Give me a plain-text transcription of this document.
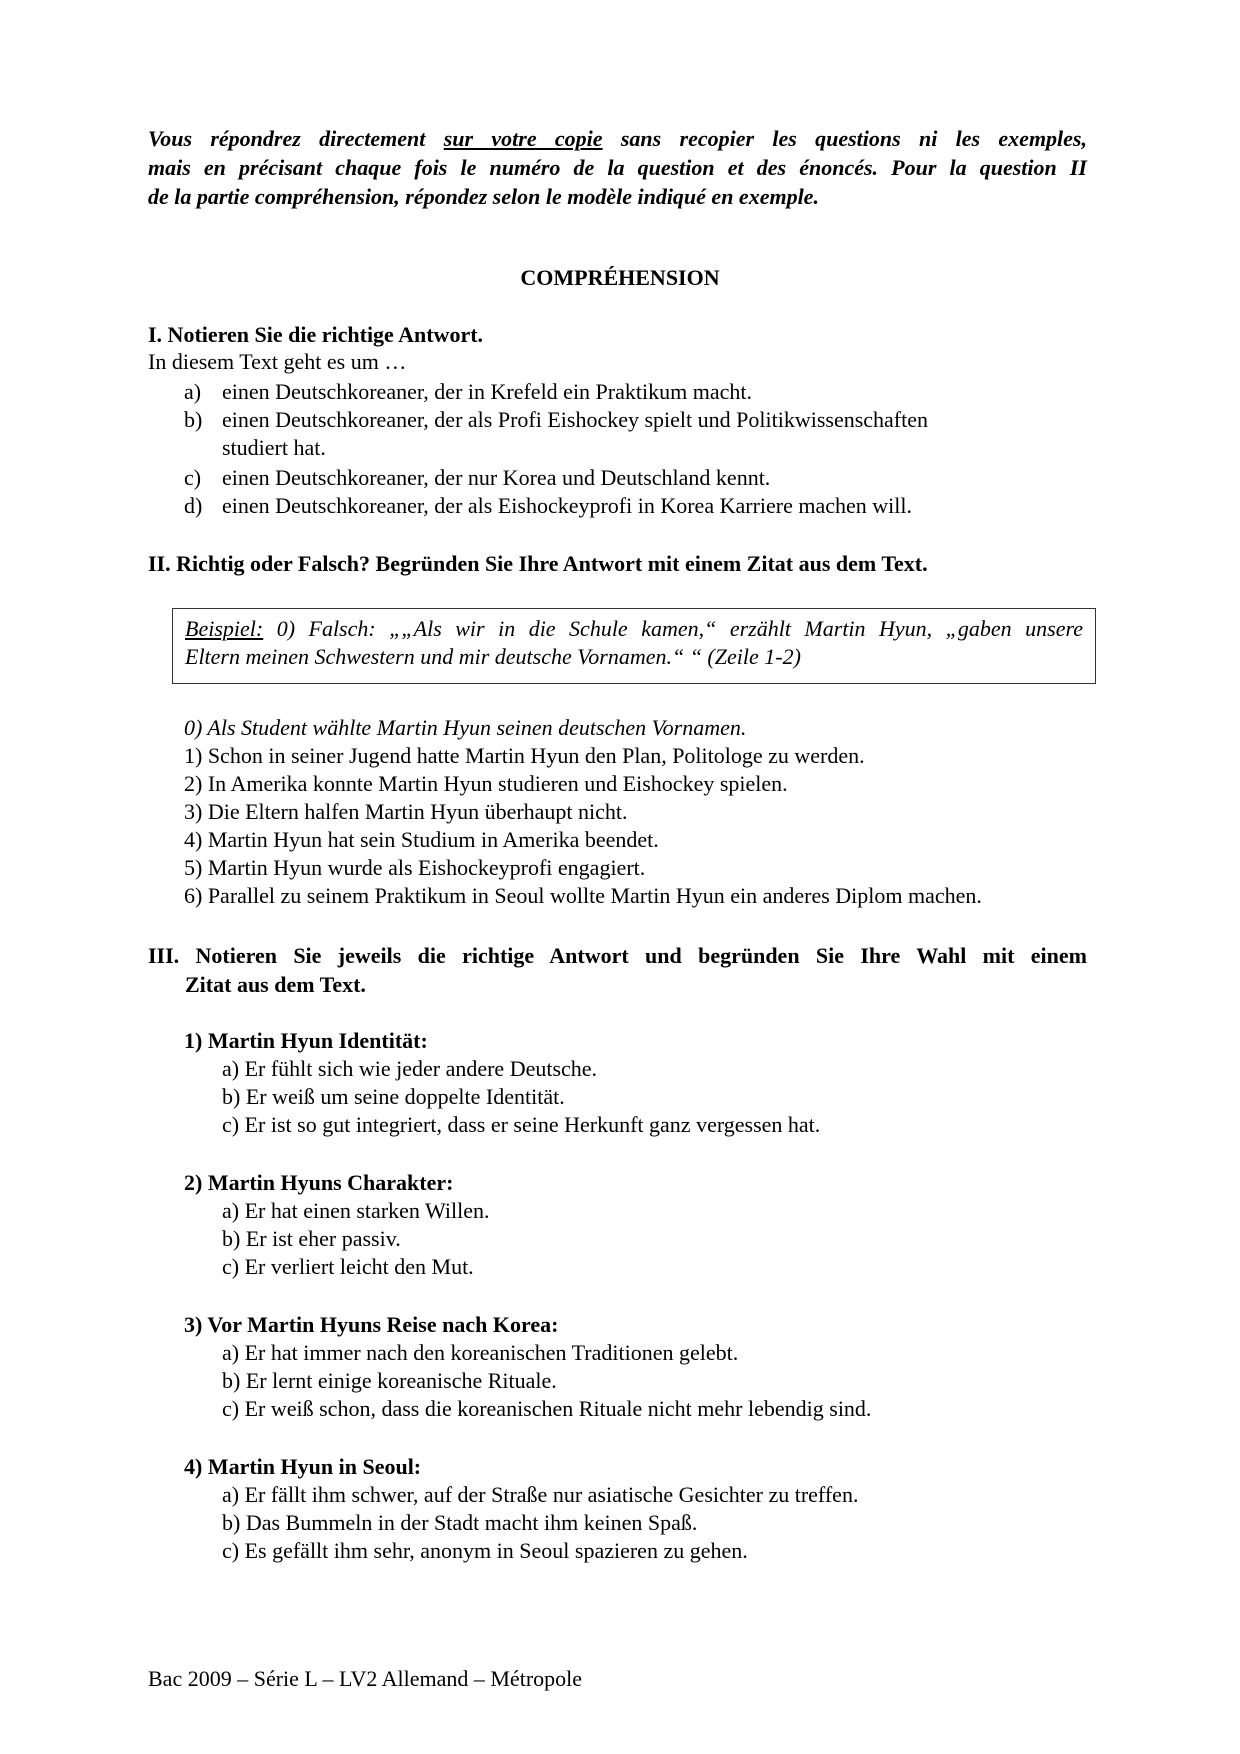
Vous répondrez directement sur votre copie sans recopier les questions ni les exemples,
mais en précisant chaque fois le numéro de la question et des énoncés. Pour la question II
de la partie compréhension, répondez selon le modèle indiqué en exemple.
COMPRÉHENSION
I. Notieren Sie die richtige Antwort.
In diesem Text geht es um …
a) einen Deutschkoreaner, der in Krefeld ein Praktikum macht.
b) einen Deutschkoreaner, der als Profi Eishockey spielt und Politikwissenschaften
studiert hat.
c) einen Deutschkoreaner, der nur Korea und Deutschland kennt.
d) einen Deutschkoreaner, der als Eishockeyprofi in Korea Karriere machen will.
II. Richtig oder Falsch? Begründen Sie Ihre Antwort mit einem Zitat aus dem Text.
Beispiel: 0) Falsch: „„Als wir in die Schule kamen,“ erzählt Martin Hyun, „gaben unsere
Eltern meinen Schwestern und mir deutsche Vornamen.“ “ (Zeile 1-2)
0) Als Student wählte Martin Hyun seinen deutschen Vornamen.
1) Schon in seiner Jugend hatte Martin Hyun den Plan, Politologe zu werden.
2) In Amerika konnte Martin Hyun studieren und Eishockey spielen.
3) Die Eltern halfen Martin Hyun überhaupt nicht.
4) Martin Hyun hat sein Studium in Amerika beendet.
5) Martin Hyun wurde als Eishockeyprofi engagiert.
6) Parallel zu seinem Praktikum in Seoul wollte Martin Hyun ein anderes Diplom machen.
III. Notieren Sie jeweils die richtige Antwort und begründen Sie Ihre Wahl mit einem
Zitat aus dem Text.
1) Martin Hyun Identität:
a) Er fühlt sich wie jeder andere Deutsche.
b) Er weiß um seine doppelte Identität.
c) Er ist so gut integriert, dass er seine Herkunft ganz vergessen hat.
2) Martin Hyuns Charakter:
a) Er hat einen starken Willen.
b) Er ist eher passiv.
c) Er verliert leicht den Mut.
3) Vor Martin Hyuns Reise nach Korea:
a) Er hat immer nach den koreanischen Traditionen gelebt.
b) Er lernt einige koreanische Rituale.
c) Er weiß schon, dass die koreanischen Rituale nicht mehr lebendig sind.
4) Martin Hyun in Seoul:
a) Er fällt ihm schwer, auf der Straße nur asiatische Gesichter zu treffen.
b) Das Bummeln in der Stadt macht ihm keinen Spaß.
c) Es gefällt ihm sehr, anonym in Seoul spazieren zu gehen.
Bac 2009 – Série L – LV2 Allemand – Métropole
